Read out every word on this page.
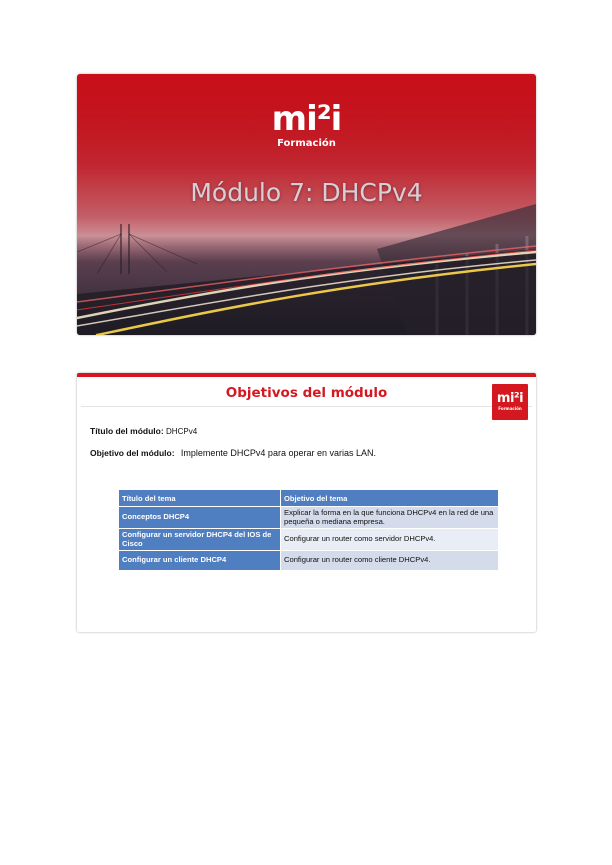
mi²i
Formación
Módulo 7: DHCPv4
Objetivos del módulo	mi²i
Formación
Título del módulo: DHCPv4
Objetivo del módulo: Implemente DHCPv4 para operar en varias LAN.
Título del tema	Objetivo del tema
Conceptos DHCP4	Explicar la forma en la que funciona DHCPv4 en la red de una pequeña o mediana empresa.
Configurar un servidor DHCP4 del IOS de Cisco	Configurar un router como servidor DHCPv4.
Configurar un cliente DHCP4	Configurar un router como cliente DHCPv4.
